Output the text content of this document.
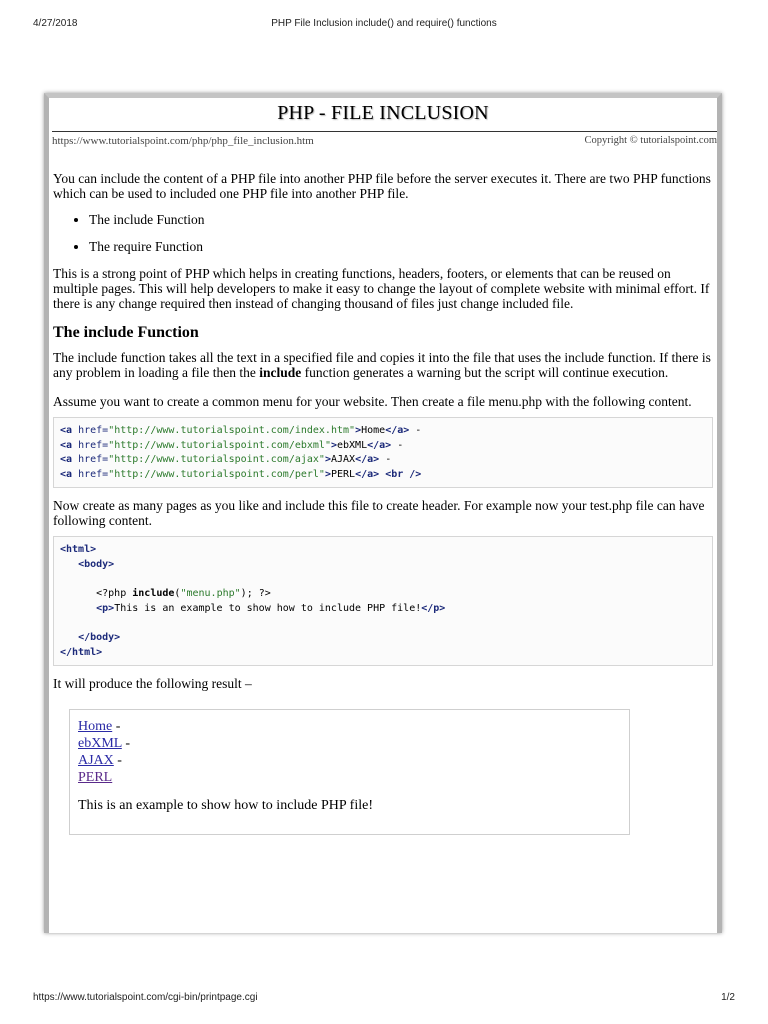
4/27/2018	PHP File Inclusion include() and require() functions
PHP - FILE INCLUSION
https://www.tutorialspoint.com/php/php_file_inclusion.htm	Copyright © tutorialspoint.com

You can include the content of a PHP file into another PHP file before the server executes it. There are two PHP functions which can be used to included one PHP file into another PHP file.

• The include Function
• The require Function

This is a strong point of PHP which helps in creating functions, headers, footers, or elements that can be reused on multiple pages. This will help developers to make it easy to change the layout of complete website with minimal effort. If there is any change required then instead of changing thousand of files just change included file.

The include Function

The include function takes all the text in a specified file and copies it into the file that uses the include function. If there is any problem in loading a file then the include function generates a warning but the script will continue execution.

Assume you want to create a common menu for your website. Then create a file menu.php with the following content.

<a href="http://www.tutorialspoint.com/index.htm">Home</a> -
<a href="http://www.tutorialspoint.com/ebxml">ebXML</a> -
<a href="http://www.tutorialspoint.com/ajax">AJAX</a> -
<a href="http://www.tutorialspoint.com/perl">PERL</a> <br />

Now create as many pages as you like and include this file to create header. For example now your test.php file can have following content.

<html>
<body>

<?php include("menu.php"); ?>
<p>This is an example to show how to include PHP file!</p>

</body>
</html>

It will produce the following result –

Home -
ebXML -
AJAX -
PERL
This is an example to show how to include PHP file!
https://www.tutorialspoint.com/cgi-bin/printpage.cgi	1/2
